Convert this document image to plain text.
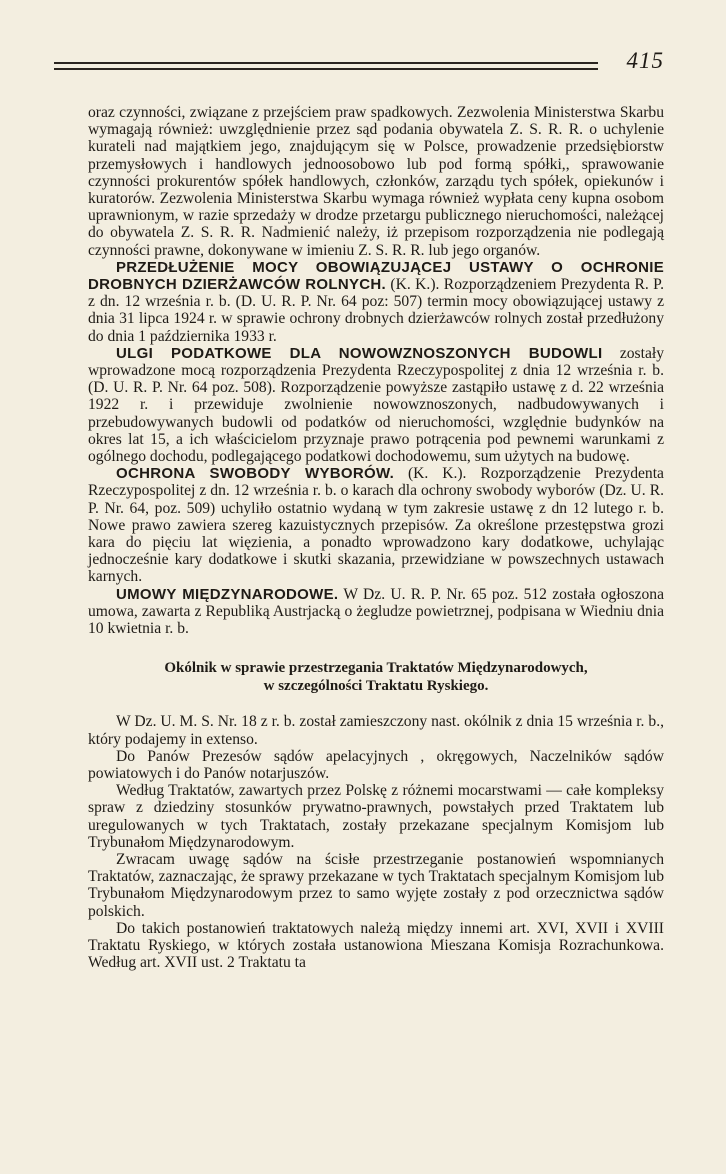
415

oraz czynności, związane z przejściem praw spadkowych. Zezwolenia Ministerstwa Skarbu wymagają również: uwzględnienie przez sąd podania obywatela Z. S. R. R. o uchylenie kurateli nad majątkiem jego, znajdującym się w Polsce, prowadzenie przedsiębiorstw przemysłowych i handlowych jednoosobowo lub pod formą spółki,, sprawowanie czynności prokurentów spółek handlowych, członków, zarządu tych spółek, opiekunów i kuratorów. Zezwolenia Ministerstwa Skarbu wymaga również wypłata ceny kupna osobom uprawnionym, w razie sprzedaży w drodze przetargu publicznego nieruchomości, należącej do obywatela Z. S. R. R. Nadmienić należy, iż przepisom rozporządzenia nie podlegają czynności prawne, dokonywane w imieniu Z. S. R. R. lub jego organów.

PRZEDŁUŻENIE MOCY OBOWIĄZUJĄCEJ USTAWY O OCHRONIE DROBNYCH DZIERŻAWCÓW ROLNYCH. (K. K.). Rozporządzeniem Prezydenta R. P. z dn. 12 września r. b. (D. U. R. P. Nr. 64 poz: 507) termin mocy obowiązującej ustawy z dnia 31 lipca 1924 r. w sprawie ochrony drobnych dzierżawców rolnych został przedłużony do dnia 1 października 1933 r.

ULGI PODATKOWE DLA NOWOWZNOSZONYCH BUDOWLI zostały wprowadzone mocą rozporządzenia Prezydenta Rzeczypospolitej z dnia 12 września r. b. (D. U. R. P. Nr. 64 poz. 508). Rozporządzenie powyższe zastąpiło ustawę z d. 22 września 1922 r. i przewiduje zwolnienie nowowznoszonych, nadbudowywanych i przebudowywanych budowli od podatków od nieruchomości, względnie budynków na okres lat 15, a ich właścicielom przyznaje prawo potrącenia pod pewnemi warunkami z ogólnego dochodu, podlegającego podatkowi dochodowemu, sum użytych na budowę.

OCHRONA SWOBODY WYBORÓW. (K. K.). Rozporządzenie Prezydenta Rzeczypospolitej z dn. 12 września r. b. o karach dla ochrony swobody wyborów (Dz. U. R. P. Nr. 64, poz. 509) uchyliło ostatnio wydaną w tym zakresie ustawę z dn 12 lutego r. b. Nowe prawo zawiera szereg kazuistycznych przepisów. Za określone przestępstwa grozi kara do pięciu lat więzienia, a ponadto wprowadzono kary dodatkowe, uchylając jednocześnie kary dodatkowe i skutki skazania, przewidziane w powszechnych ustawach karnych.

UMOWY MIĘDZYNARODOWE. W Dz. U. R. P. Nr. 65 poz. 512 została ogłoszona umowa, zawarta z Republiką Austrjacką o żegludze powietrznej, podpisana w Wiedniu dnia 10 kwietnia r. b.

Okólnik w sprawie przestrzegania Traktatów Międzynarodowych,
w szczególności Traktatu Ryskiego.

W Dz. U. M. S. Nr. 18 z r. b. został zamieszczony nast. okólnik z dnia 15 września r. b., który podajemy in extenso.

Do Panów Prezesów sądów apelacyjnych , okręgowych, Naczelników sądów powiatowych i do Panów notarjuszów.

Według Traktatów, zawartych przez Polskę z różnemi mocarstwami — całe kompleksy spraw z dziedziny stosunków prywatno-prawnych, powstałych przed Traktatem lub uregulowanych w tych Traktatach, zostały przekazane specjalnym Komisjom lub Trybunałom Międzynarodowym.

Zwracam uwagę sądów na ścisłe przestrzeganie postanowień wspomnianych Traktatów, zaznaczając, że sprawy przekazane w tych Traktatach specjalnym Komisjom lub Trybunałom Międzynarodowym przez to samo wyjęte zostały z pod orzecznictwa sądów polskich.

Do takich postanowień traktatowych należą między innemi art. XVI, XVII i XVIII Traktatu Ryskiego, w których została ustanowiona Mieszana Komisja Rozrachunkowa. Według art. XVII ust. 2 Traktatu ta
